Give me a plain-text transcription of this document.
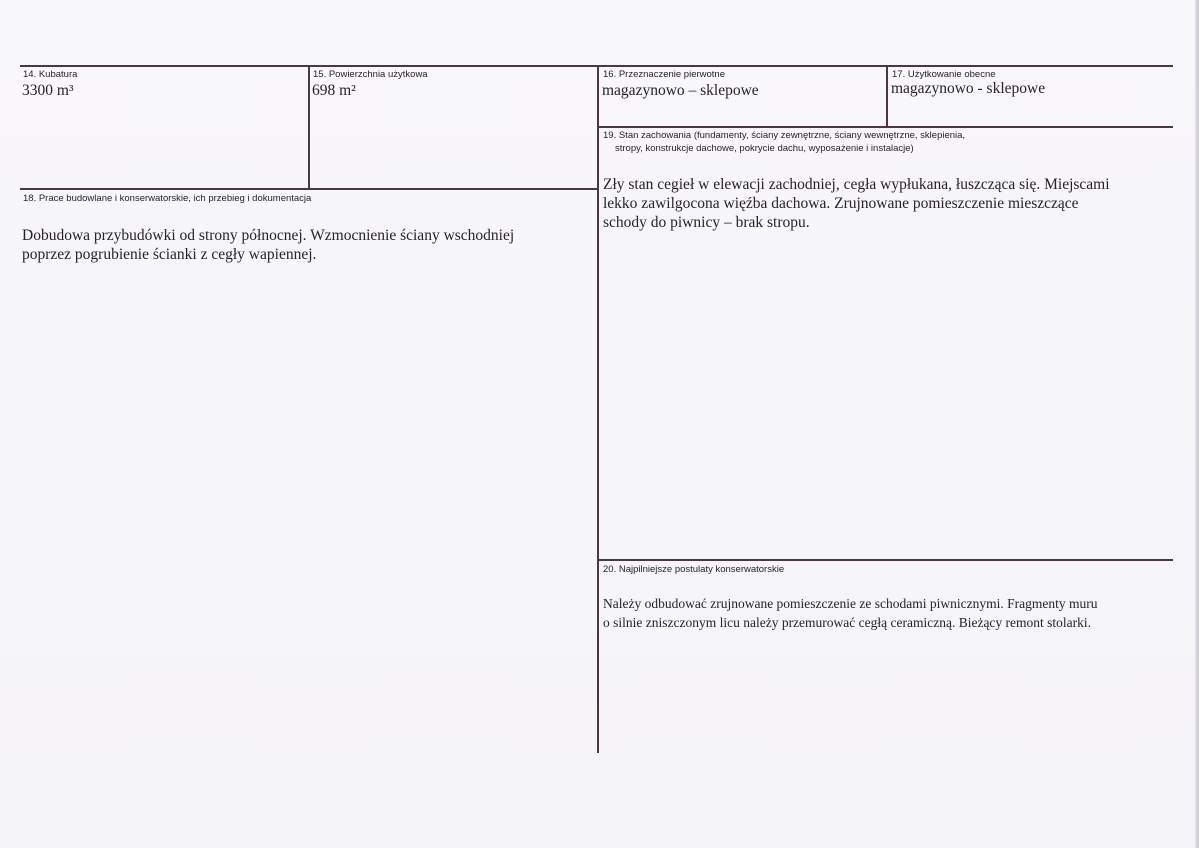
14. Kubatura
3300 m³
15. Powierzchnia użytkowa
698 m²
16. Przeznaczenie pierwotne
magazynowo – sklepowe
17. Użytkowanie obecne
magazynowo - sklepowe
19. Stan zachowania (fundamenty, ściany zewnętrzne, ściany wewnętrzne, sklepienia,
stropy, konstrukcje dachowe, pokrycie dachu, wyposażenie i instalacje)
Zły stan cegieł w elewacji zachodniej, cegła wypłukana, łuszcząca się. Miejscami
lekko zawilgocona więźba dachowa. Zrujnowane pomieszczenie mieszczące
schody do piwnicy – brak stropu.
18. Prace budowlane i konserwatorskie, ich przebieg i dokumentacja
Dobudowa przybudówki od strony północnej. Wzmocnienie ściany wschodniej
poprzez pogrubienie ścianki z cegły wapiennej.
20. Najpilniejsze postulaty konserwatorskie
Należy odbudować zrujnowane pomieszczenie ze schodami piwnicznymi. Fragmenty muru
o silnie zniszczonym licu należy przemurować cegłą ceramiczną. Bieżący remont stolarki.
